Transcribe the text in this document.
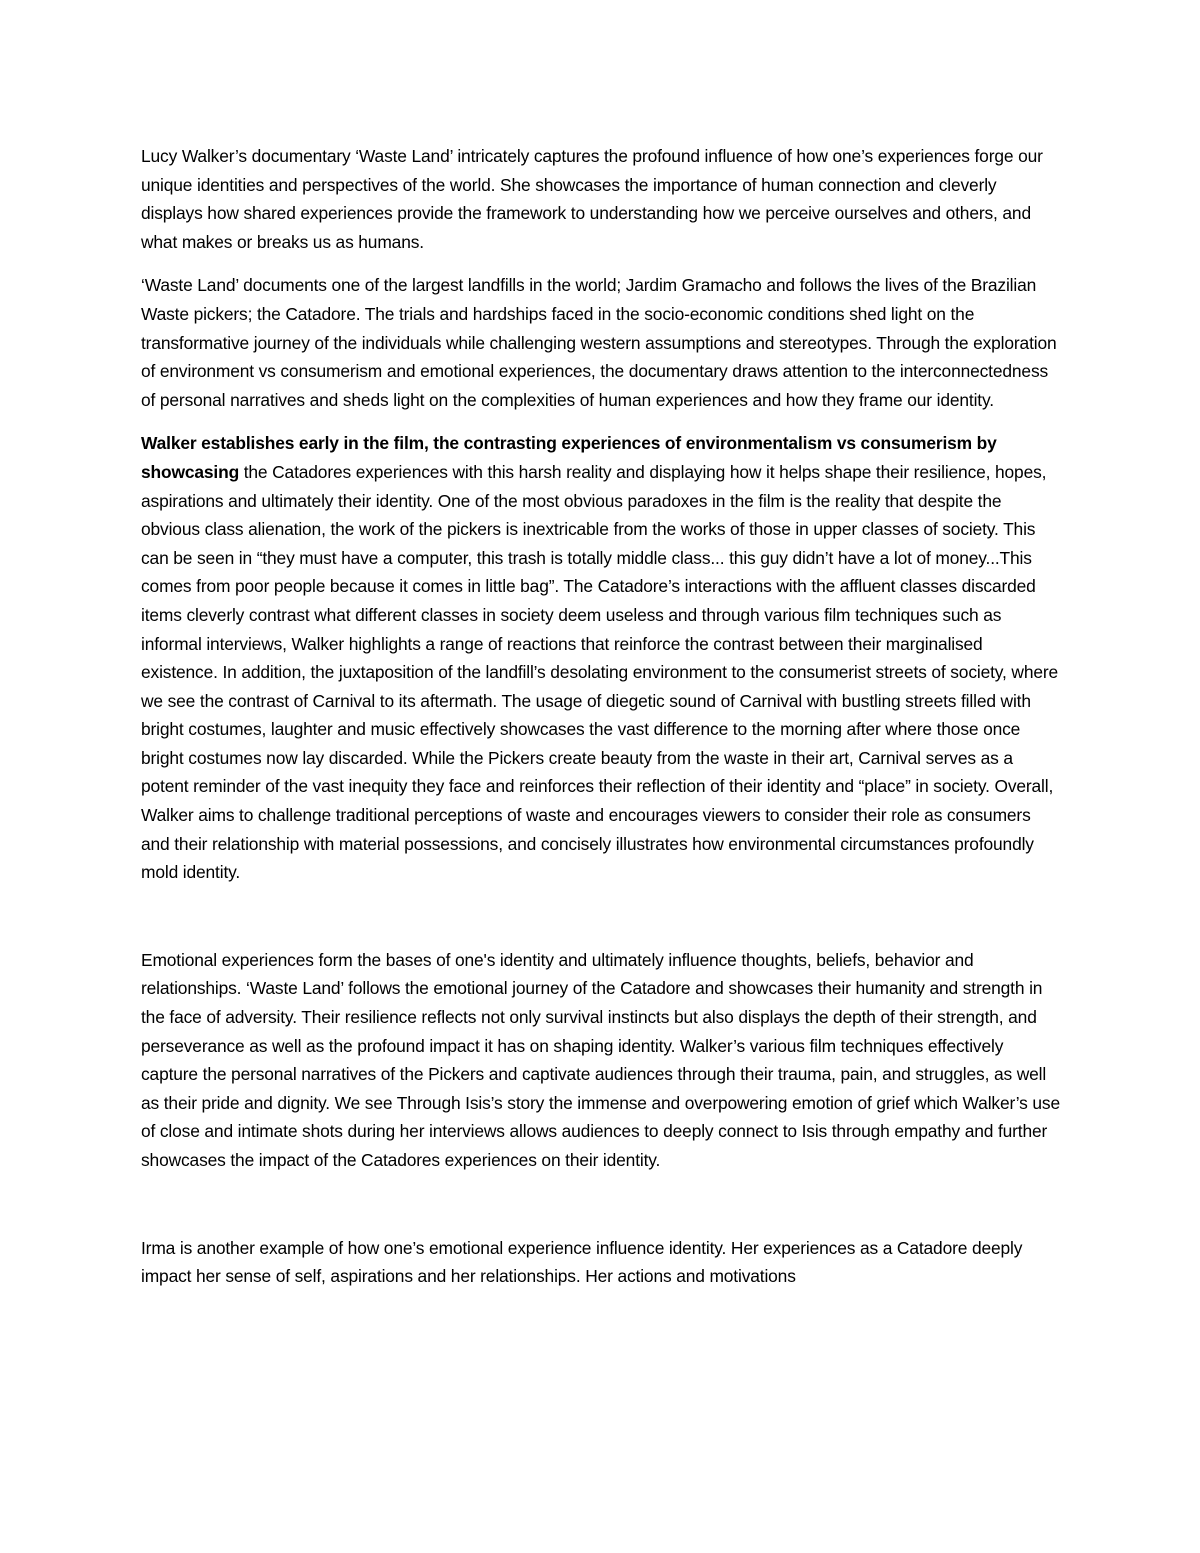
Lucy Walker’s documentary ‘Waste Land’ intricately captures the profound influence of how one’s experiences forge our unique identities and perspectives of the world. She showcases the importance of human connection and cleverly displays how shared experiences provide the framework to understanding how we perceive ourselves and others, and what makes or breaks us as humans.

‘Waste Land’ documents one of the largest landfills in the world; Jardim Gramacho and follows the lives of the Brazilian Waste pickers; the Catadore. The trials and hardships faced in the socio-economic conditions shed light on the transformative journey of the individuals while challenging western assumptions and stereotypes. Through the exploration of environment vs consumerism and emotional experiences, the documentary draws attention to the interconnectedness of personal narratives and sheds light on the complexities of human experiences and how they frame our identity.

Walker establishes early in the film, the contrasting experiences of environmentalism vs consumerism by showcasing the Catadores experiences with this harsh reality and displaying how it helps shape their resilience, hopes, aspirations and ultimately their identity. One of the most obvious paradoxes in the film is the reality that despite the obvious class alienation, the work of the pickers is inextricable from the works of those in upper classes of society. This can be seen in “they must have a computer, this trash is totally middle class... this guy didn’t have a lot of money...This comes from poor people because it comes in little bag”. The Catadore’s interactions with the affluent classes discarded items cleverly contrast what different classes in society deem useless and through various film techniques such as informal interviews, Walker highlights a range of reactions that reinforce the contrast between their marginalised existence. In addition, the juxtaposition of the landfill’s desolating environment to the consumerist streets of society, where we see the contrast of Carnival to its aftermath. The usage of diegetic sound of Carnival with bustling streets filled with bright costumes, laughter and music effectively showcases the vast difference to the morning after where those once bright costumes now lay discarded. While the Pickers create beauty from the waste in their art, Carnival serves as a potent reminder of the vast inequity they face and reinforces their reflection of their identity and “place” in society. Overall, Walker aims to challenge traditional perceptions of waste and encourages viewers to consider their role as consumers and their relationship with material possessions, and concisely illustrates how environmental circumstances profoundly mold identity.

Emotional experiences form the bases of one's identity and ultimately influence thoughts, beliefs, behavior and relationships. ‘Waste Land’ follows the emotional journey of the Catadore and showcases their humanity and strength in the face of adversity. Their resilience reflects not only survival instincts but also displays the depth of their strength, and perseverance as well as the profound impact it has on shaping identity. Walker’s various film techniques effectively capture the personal narratives of the Pickers and captivate audiences through their trauma, pain, and struggles, as well as their pride and dignity. We see Through Isis’s story the immense and overpowering emotion of grief which Walker’s use of close and intimate shots during her interviews allows audiences to deeply connect to Isis through empathy and further showcases the impact of the Catadores experiences on their identity.

Irma is another example of how one’s emotional experience influence identity. Her experiences as a Catadore deeply impact her sense of self, aspirations and her relationships. Her actions and motivations
